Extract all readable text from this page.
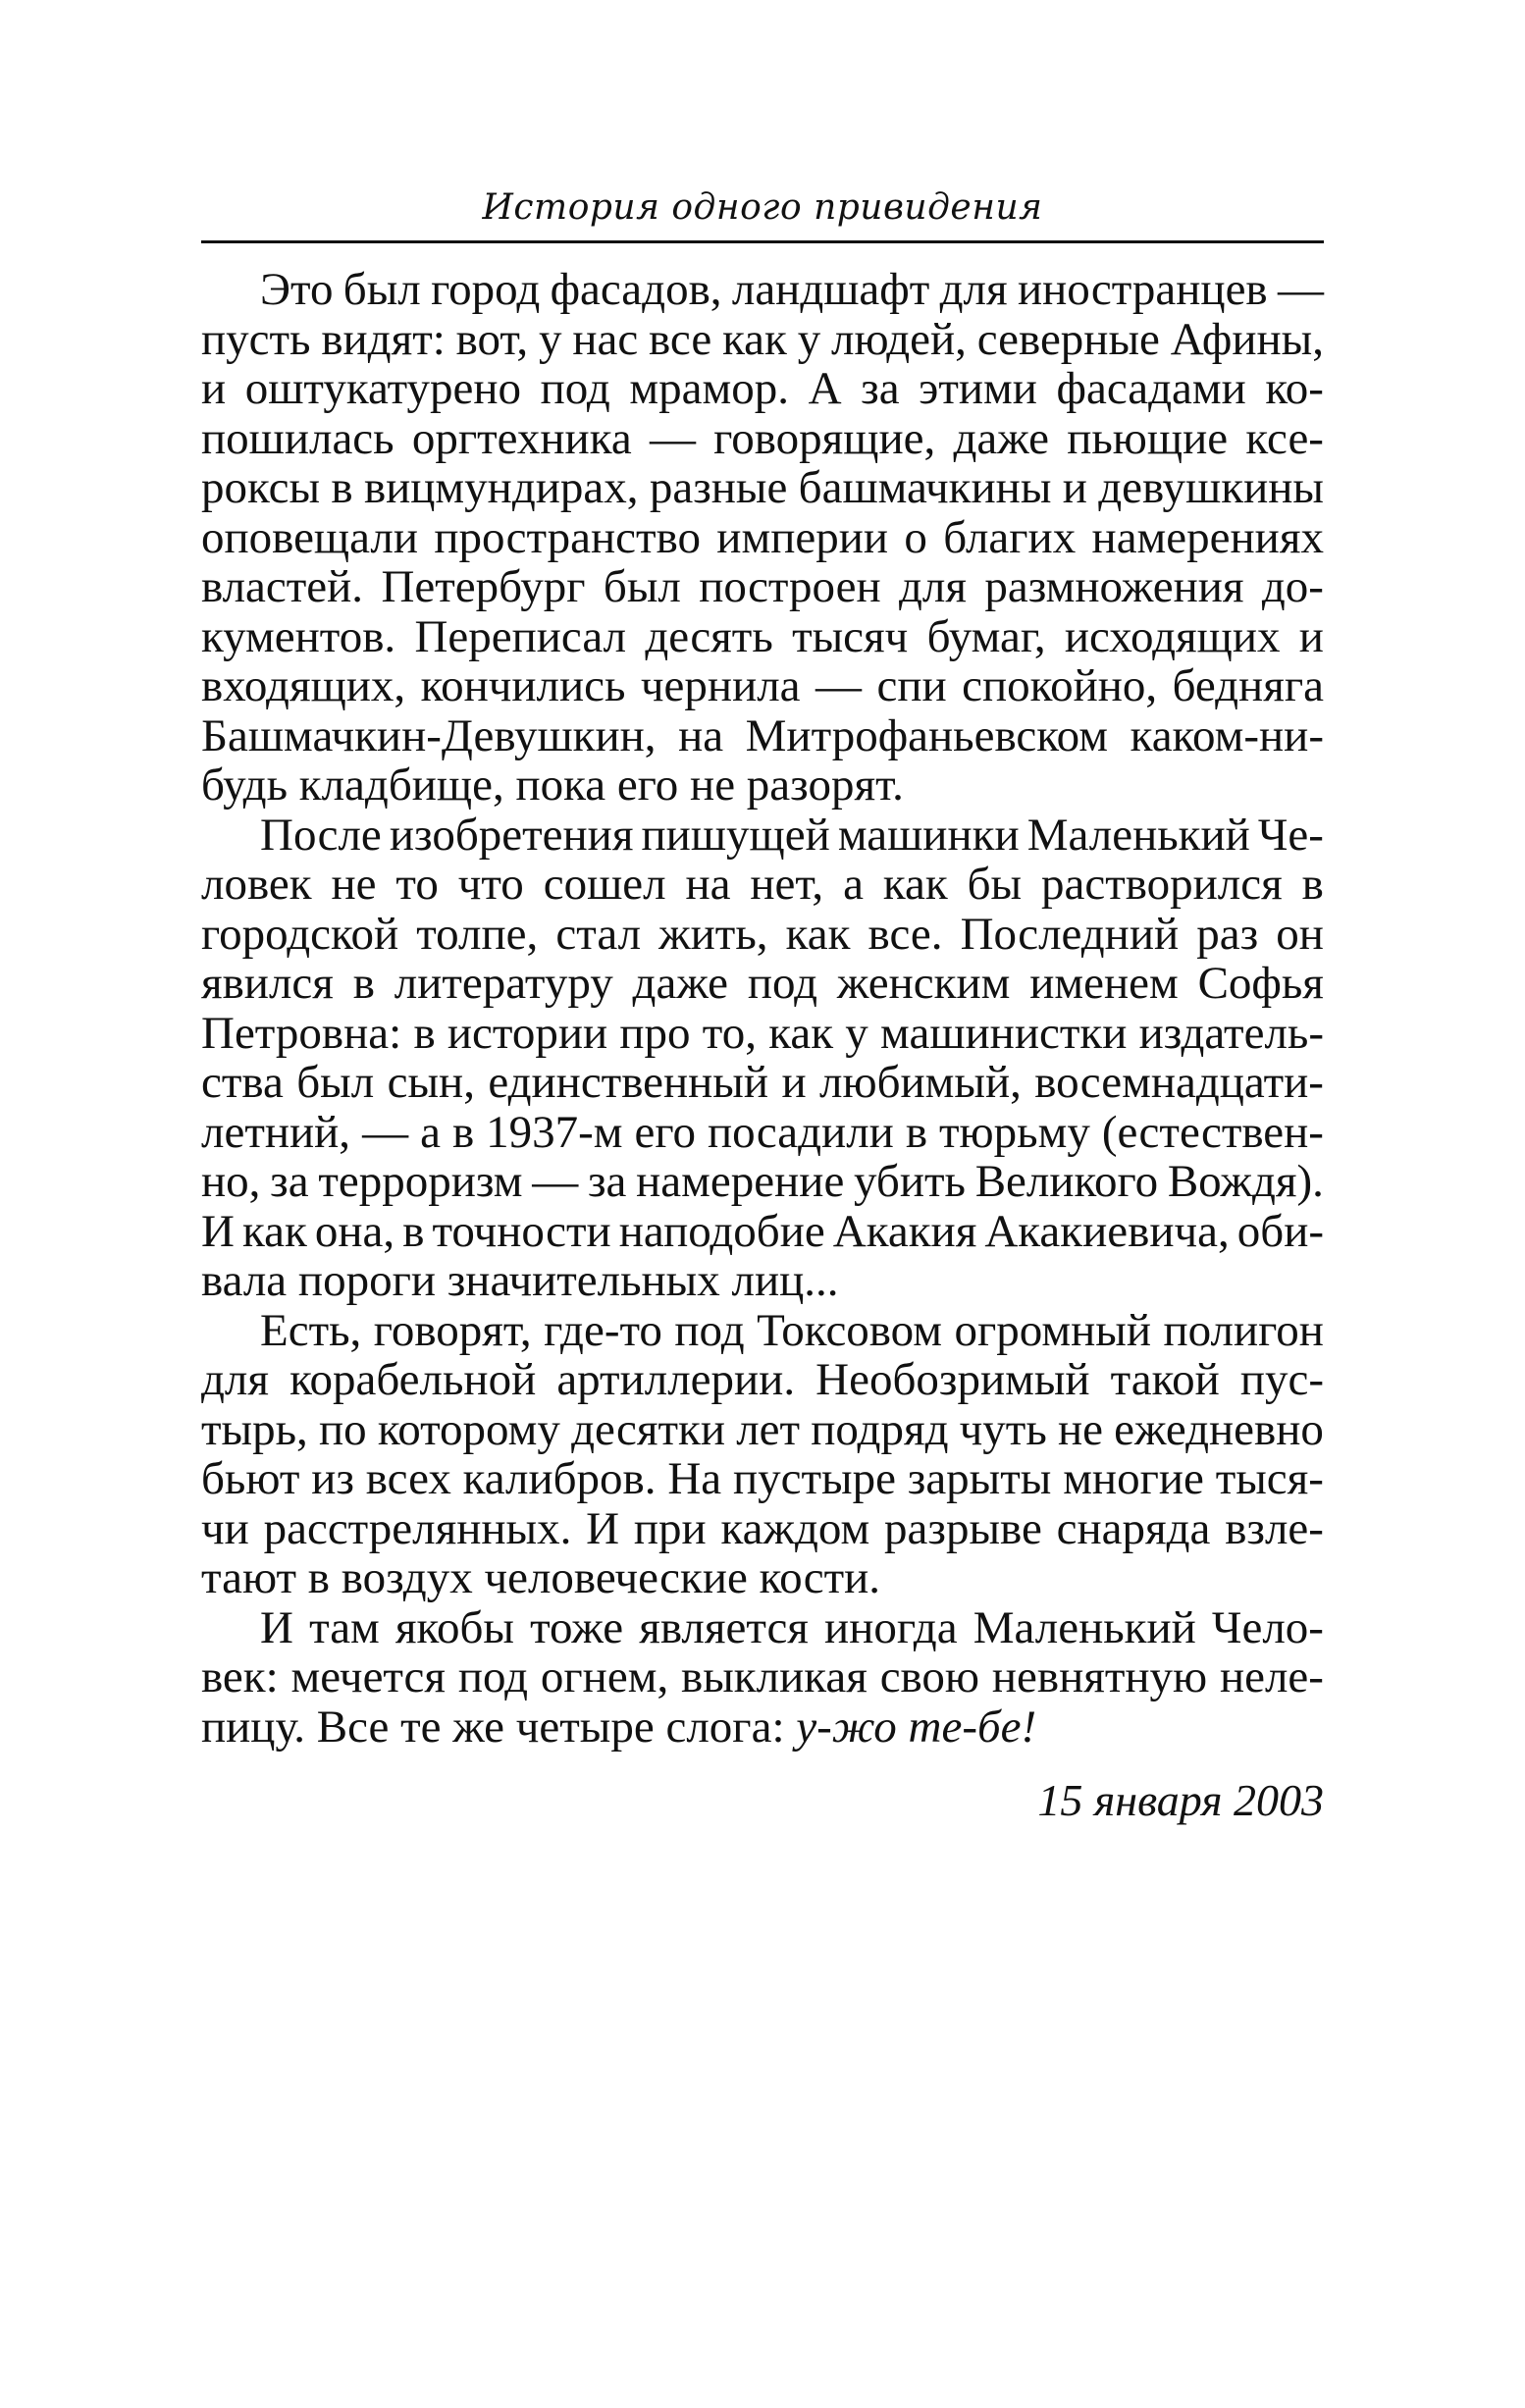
История одного привидения
Это был город фасадов, ландшафт для иностранцев —
пусть видят: вот, у нас все как у людей, северные Афины,
и оштукатурено под мрамор. А за этими фасадами ко-
пошилась оргтехника — говорящие, даже пьющие ксе-
роксы в вицмундирах, разные башмачкины и девушкины
оповещали пространство империи о благих намерениях
властей. Петербург был построен для размножения до-
кументов. Переписал десять тысяч бумаг, исходящих и
входящих, кончились чернила — спи спокойно, бедняга
Башмачкин-Девушкин, на Митрофаньевском каком-ни-
будь кладбище, пока его не разорят.
После изобретения пишущей машинки Маленький Че-
ловек не то что сошел на нет, а как бы растворился в
городской толпе, стал жить, как все. Последний раз он
явился в литературу даже под женским именем Софья
Петровна: в истории про то, как у машинистки издатель-
ства был сын, единственный и любимый, восемнадцати-
летний, — а в 1937-м его посадили в тюрьму (естествен-
но, за терроризм — за намерение убить Великого Вождя).
И как она, в точности наподобие Акакия Акакиевича, оби-
вала пороги значительных лиц...
Есть, говорят, где-то под Токсовом огромный полигон
для корабельной артиллерии. Необозримый такой пус-
тырь, по которому десятки лет подряд чуть не ежедневно
бьют из всех калибров. На пустыре зарыты многие тыся-
чи расстрелянных. И при каждом разрыве снаряда взле-
тают в воздух человеческие кости.
И там якобы тоже является иногда Маленький Чело-
век: мечется под огнем, выкликая свою невнятную неле-
пицу. Все те же четыре слога: у-жо те-бе!
15 января 2003
